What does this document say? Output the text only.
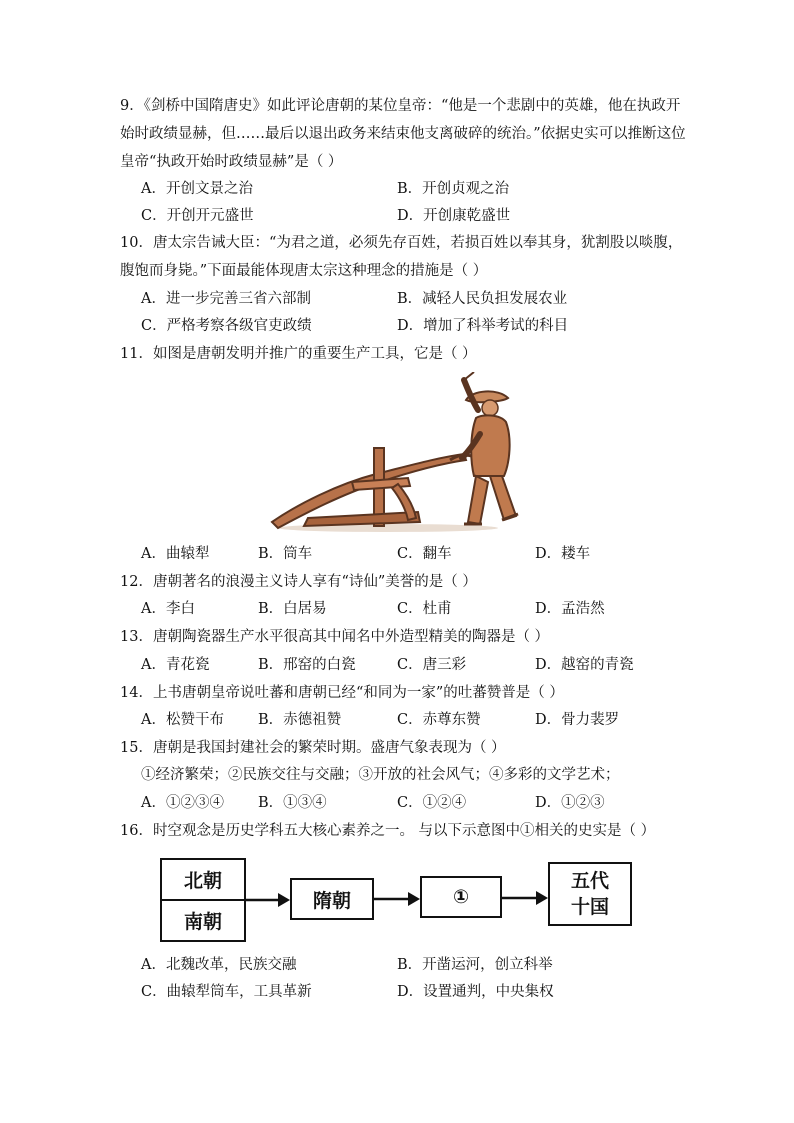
9．《剑桥中国隋唐史》如此评论唐朝的某位皇帝：“他是一个悲剧中的英雄，他在执政开
始时政绩显赫，但……最后以退出政务来结束他支离破碎的统治。”依据史实可以推断这位
皇帝“执政开始时政绩显赫”是（ ）
A．开创文景之治	B．开创贞观之治
C．开创开元盛世	D．开创康乾盛世
10．唐太宗告诫大臣：“为君之道，必须先存百姓，若损百姓以奉其身，犹割股以啖腹，
腹饱而身毙。”下面最能体现唐太宗这种理念的措施是（ ）
A．进一步完善三省六部制	B．减轻人民负担发展农业
C．严格考察各级官吏政绩	D．增加了科举考试的科目
11．如图是唐朝发明并推广的重要生产工具，它是（ ）
A．曲辕犁	B．筒车	C．翻车	D．耧车
12．唐朝著名的浪漫主义诗人享有“诗仙”美誉的是（ ）
A．李白	B．白居易	C．杜甫	D．孟浩然
13．唐朝陶瓷器生产水平很高其中闻名中外造型精美的陶器是（ ）
A．青花瓷	B．邢窑的白瓷	C．唐三彩	D．越窑的青瓷
14．上书唐朝皇帝说吐蕃和唐朝已经“和同为一家”的吐蕃赞普是（ ）
A．松赞干布 B．赤德祖赞	C．赤尊东赞	D．骨力裴罗
15．唐朝是我国封建社会的繁荣时期。盛唐气象表现为（ ）
①经济繁荣；②民族交往与交融；③开放的社会风气；④多彩的文学艺术；
A．①②③④ B．①③④	C．①②④	D．①②③
16．时空观念是历史学科五大核心素养之一。 与以下示意图中①相关的史实是（ ）
北朝
南朝
隋朝	①
五代
十国
A．北魏改革，民族交融	B．开凿运河，创立科举
C．曲辕犁筒车，工具革新	D．设置通判，中央集权
